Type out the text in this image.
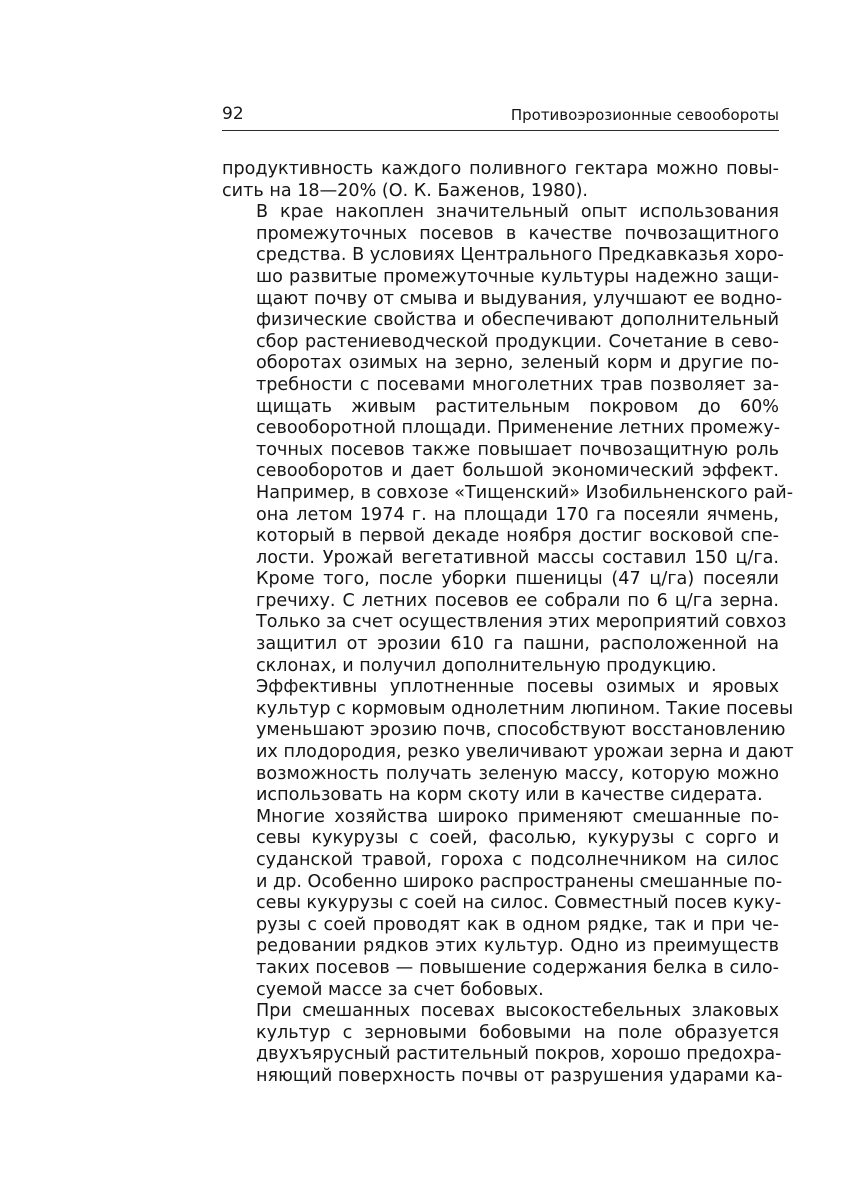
92	Противоэрозионные севообороты

продуктивность каждого поливного гектара можно повы-
сить на 18—20% (О. К. Баженов, 1980).

В крае накоплен значительный опыт использования
промежуточных посевов в качестве почвозащитного
средства. В условиях Центрального Предкавказья хоро-
шо развитые промежуточные культуры надежно защи-
щают почву от смыва и выдувания, улучшают ее водно-
физические свойства и обеспечивают дополнительный
сбор растениеводческой продукции. Сочетание в сево-
оборотах озимых на зерно, зеленый корм и другие по-
требности с посевами многолетних трав позволяет за-
щищать живым растительным покровом до 60%
севооборотной площади. Применение летних промежу-
точных посевов также повышает почвозащитную роль
севооборотов и дает большой экономический эффект.
Например, в совхозе «Тищенский» Изобильненского рай-
она летом 1974 г. на площади 170 га посеяли ячмень,
который в первой декаде ноября достиг восковой спе-
лости. Урожай вегетативной массы составил 150 ц/га.
Кроме того, после уборки пшеницы (47 ц/га) посеяли
гречиху. С летних посевов ее собрали по 6 ц/га зерна.
Только за счет осуществления этих мероприятий совхоз
защитил от эрозии 610 га пашни, расположенной на
склонах, и получил дополнительную продукцию.

Эффективны уплотненные посевы озимых и яровых
культур с кормовым однолетним люпином. Такие посевы
уменьшают эрозию почв, способствуют восстановлению
их плодородия, резко увеличивают урожаи зерна и дают
возможность получать зеленую массу, которую можно
использовать на корм скоту или в качестве сидерата.

Многие хозяйства широко применяют смешанные по-
севы кукурузы с соей, фасолью, кукурузы с сорго и
суданской травой, гороха с подсолнечником на силос
и др. Особенно широко распространены смешанные по-
севы кукурузы с соей на силос. Совместный посев куку-
рузы с соей проводят как в одном рядке, так и при че-
редовании рядков этих культур. Одно из преимуществ
таких посевов — повышение содержания белка в сило-
суемой массе за счет бобовых.

При смешанных посевах высокостебельных злаковых
культур с зерновыми бобовыми на поле образуется
двухъярусный растительный покров, хорошо предохра-
няющий поверхность почвы от разрушения ударами ка-
